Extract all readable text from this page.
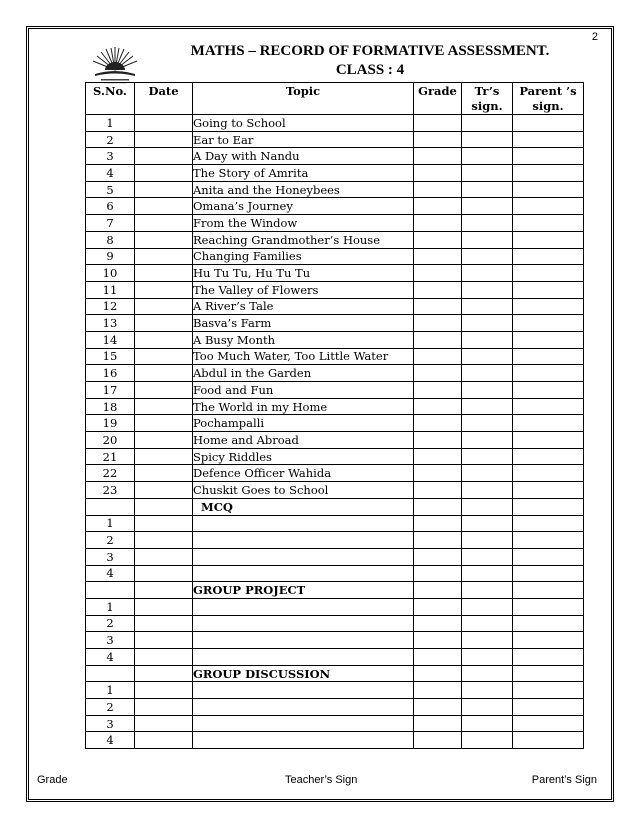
2
MATHS – RECORD OF FORMATIVE ASSESSMENT.
CLASS : 4
S.No.	Date	Topic	Grade	Tr’s sign.	Parent ’s sign.
1		Going to School			
2		Ear to Ear			
3		A Day with Nandu			
4		The Story of Amrita			
5		Anita and the Honeybees			
6		Omana’s Journey			
7		From the Window			
8		Reaching Grandmother’s House			
9		Changing Families			
10		Hu Tu Tu, Hu Tu Tu			
11		The Valley of Flowers			
12		A River’s Tale			
13		Basva’s Farm			
14		A Busy Month			
15		Too Much Water, Too Little Water			
16		Abdul in the Garden			
17		Food and Fun			
18		The World in my Home			
19		Pochampalli			
20		Home and Abroad			
21		Spicy Riddles			
22		Defence Officer Wahida			
23		Chuskit Goes to School			
		MCQ			
1					
2					
3					
4					
		GROUP PROJECT			
1					
2					
3					
4					
		GROUP DISCUSSION			
1					
2					
3					
4					
Grade	Teacher’s Sign	Parent’s Sign
